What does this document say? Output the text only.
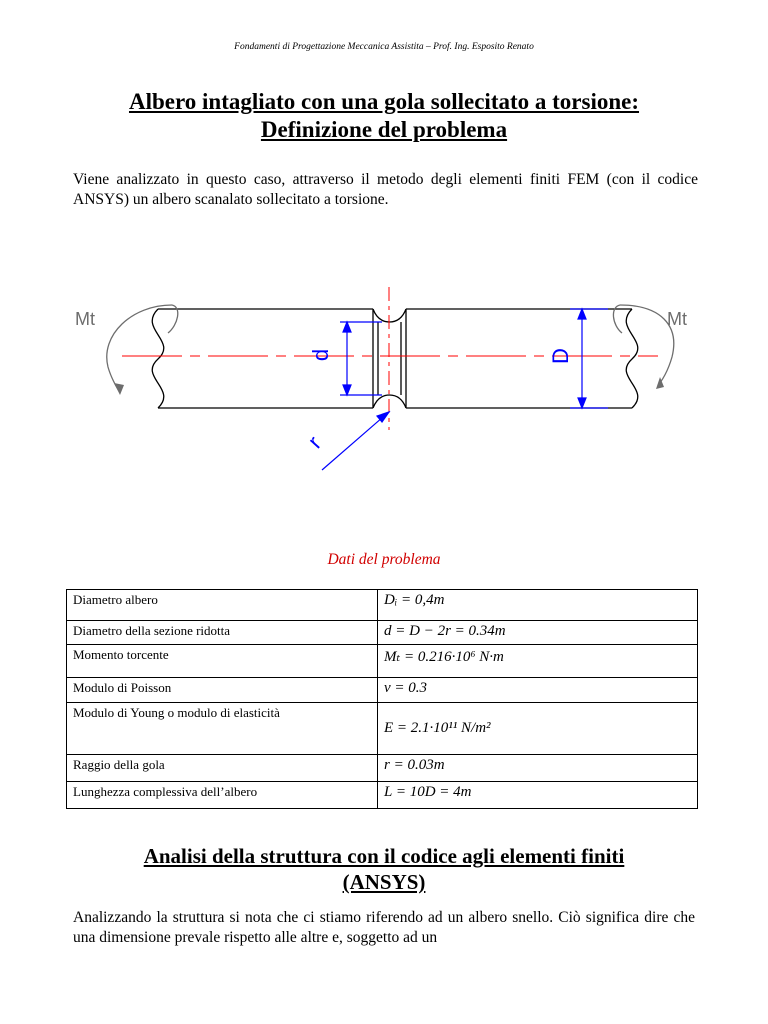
Fondamenti di Progettazione Meccanica Assistita – Prof. Ing. Esposito Renato
Albero intagliato con una gola sollecitato a torsione:
Definizione del problema
Viene analizzato in questo caso, attraverso il metodo degli elementi finiti FEM (con il codice ANSYS) un albero scanalato sollecitato a torsione.
d	D
r
Mt	Mt
Dati del problema
Diametro albero	Dᵢ = 0,4m
Diametro della sezione ridotta	d = D − 2r = 0.34m
Momento torcente	Mₜ = 0.216·10⁶ N·m
Modulo di Poisson	ν = 0.3
Modulo di Young o modulo di elasticità	E = 2.1·10¹¹ N/m²
Raggio della gola	r = 0.03m
Lunghezza complessiva dell’albero	L = 10D = 4m
Analisi della struttura con il codice agli elementi finiti
(ANSYS)
Analizzando la struttura si nota che ci stiamo riferendo ad un albero snello. Ciò significa dire che una dimensione prevale rispetto alle altre e, soggetto ad un
